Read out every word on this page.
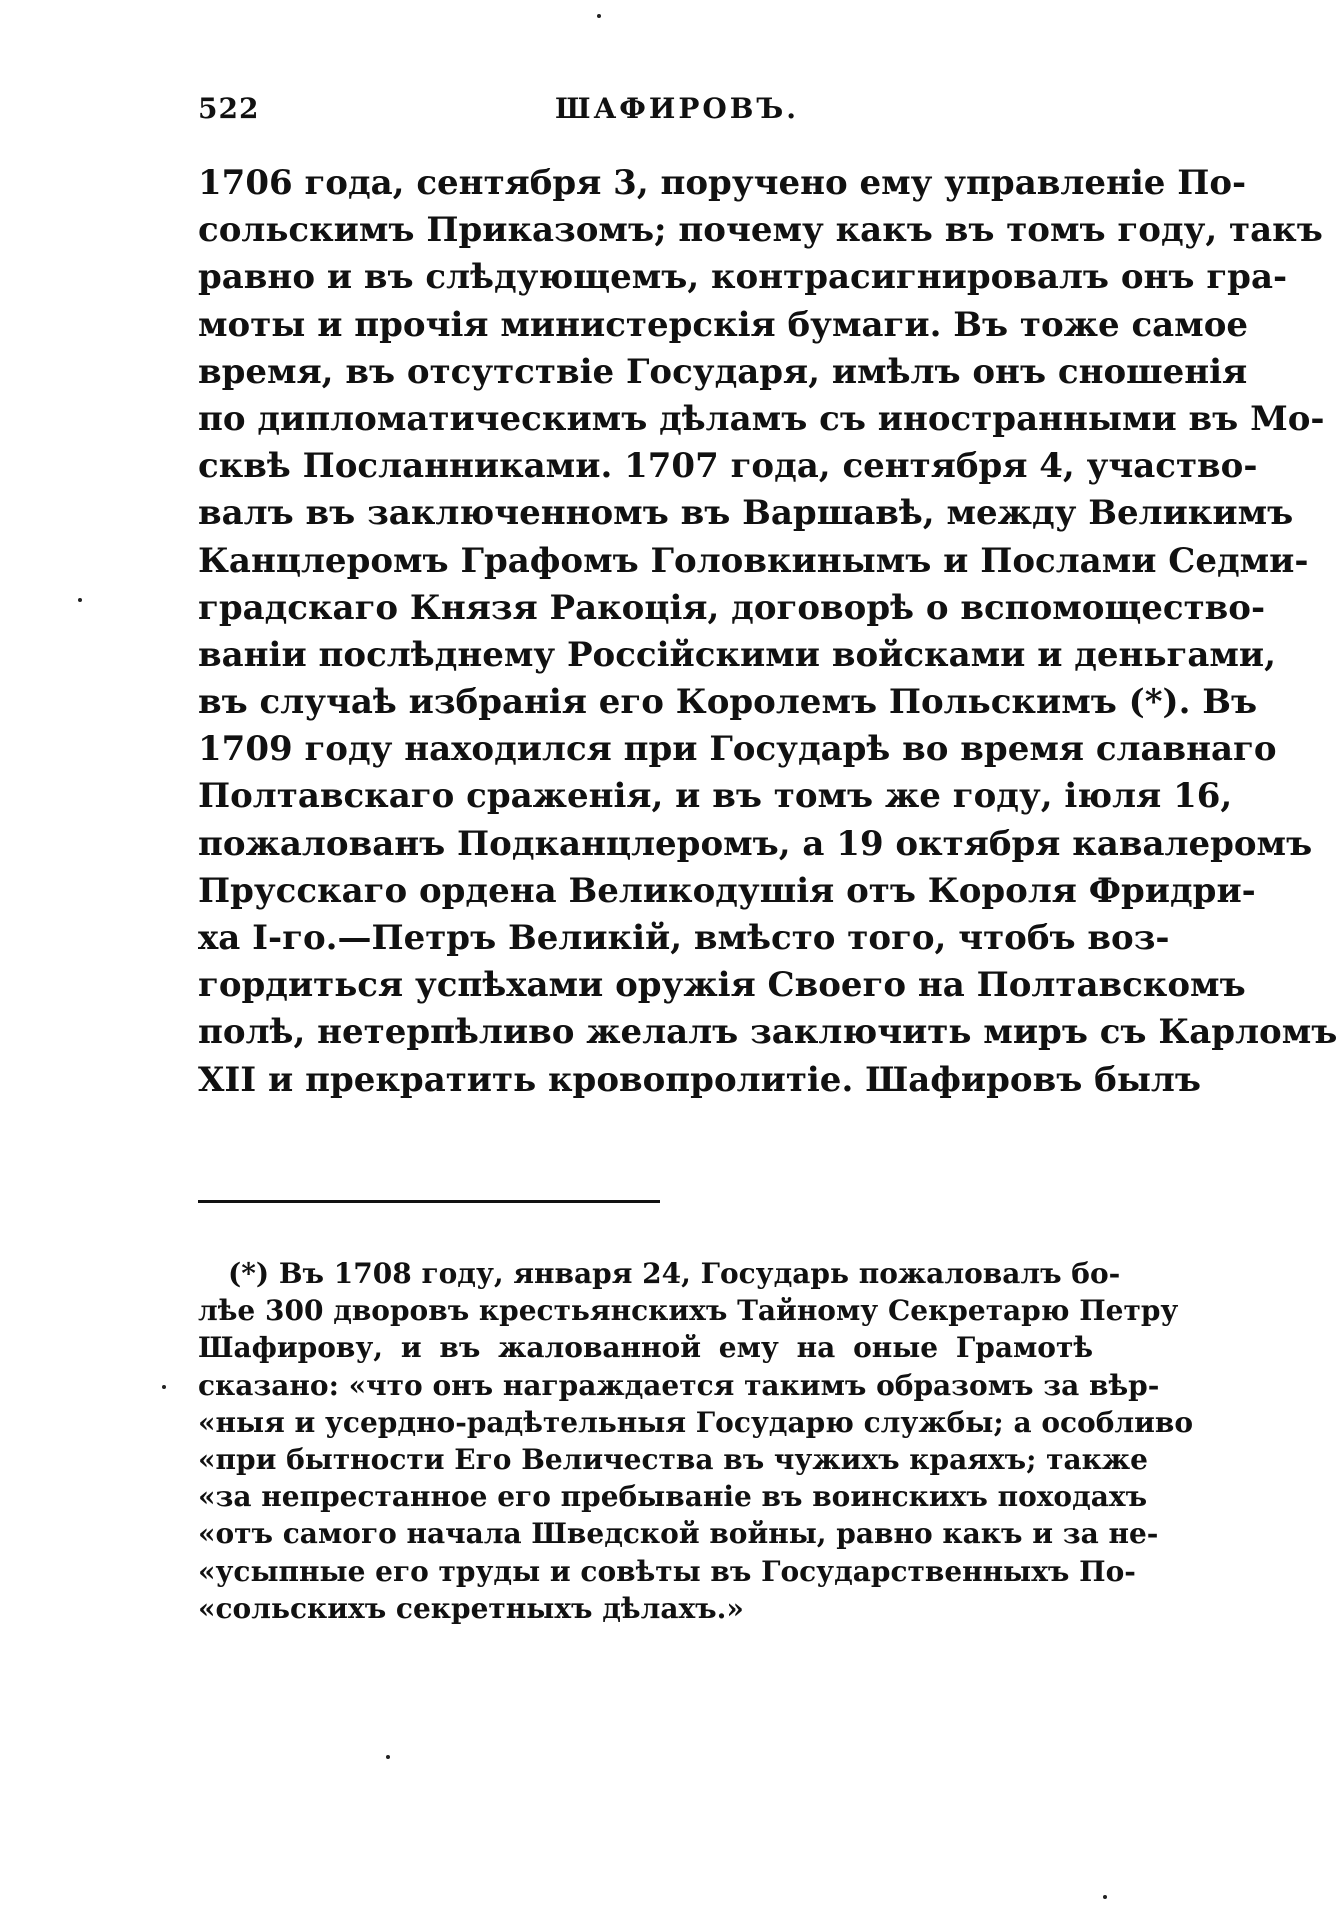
522	ШАФИРОВЪ.
1706 года, сентября 3, поручено ему управленіе По-
сольскимъ Приказомъ; почему какъ въ томъ году, такъ
равно и въ слѣдующемъ, контрасигнировалъ онъ гра-
моты и прочія министерскія бумаги. Въ тоже самое
время, въ отсутствіе Государя, имѣлъ онъ сношенія
по дипломатическимъ дѣламъ съ иностранными въ Мо-
сквѣ Посланниками. 1707 года, сентября 4, участво-
валъ въ заключенномъ въ Варшавѣ, между Великимъ
Канцлеромъ Графомъ Головкинымъ и Послами Седми-
градскаго Князя Ракоція, договорѣ о вспомощество-
ваніи послѣднему Россійскими войсками и деньгами,
въ случаѣ избранія его Королемъ Польскимъ (*). Въ
1709 году находился при Государѣ во время славнаго
Полтавскаго сраженія, и въ томъ же году, іюля 16,
пожалованъ Подканцлеромъ, а 19 октября кавалеромъ
Прусскаго ордена Великодушія отъ Короля Фридри-
ха I-го.—Петръ Великій, вмѣсто того, чтобъ воз-
гордиться успѣхами оружія Своего на Полтавскомъ
полѣ, нетерпѣливо желалъ заключить миръ съ Карломъ
XII и прекратить кровопролитіе. Шафировъ былъ
(*) Въ 1708 году, января 24, Государь пожаловалъ бо-
лѣе 300 дворовъ крестьянскихъ Тайному Секретарю Петру
Шафирову, и въ жалованной ему на оные Грамотѣ
сказано: «что онъ награждается такимъ образомъ за вѣр-
«ныя и усердно-радѣтельныя Государю службы; а особливо
«при бытности Его Величества въ чужихъ краяхъ; также
«за непрестанное его пребываніе въ воинскихъ походахъ
«отъ самого начала Шведской войны, равно какъ и за не-
«усыпные его труды и совѣты въ Государственныхъ По-
«сольскихъ секретныхъ дѣлахъ.»
